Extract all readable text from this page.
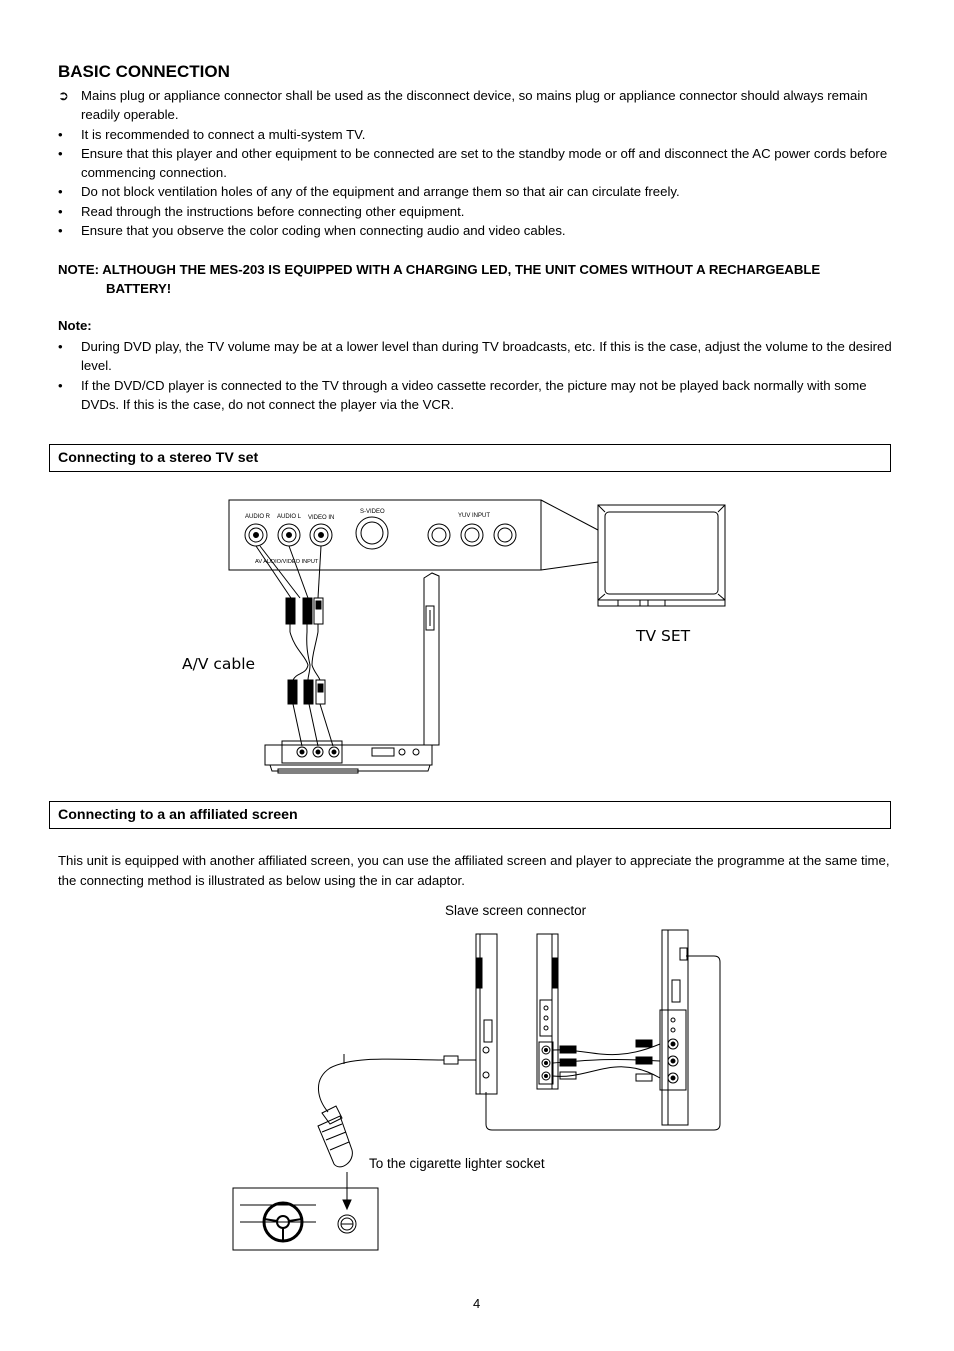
BASIC CONNECTION
➲ Mains plug or appliance connector shall be used as the disconnect device, so mains plug or appliance connector should always remain readily operable.
•	It is recommended to connect a multi-system TV.
•	Ensure that this player and other equipment to be connected are set to the standby mode or off and disconnect the AC power cords before commencing connection.
•	Do not block ventilation holes of any of the equipment and arrange them so that air can circulate freely.
•	Read through the instructions before connecting other equipment.
•	Ensure that you observe the color coding when connecting audio and video cables.
NOTE: ALTHOUGH THE MES-203 IS EQUIPPED WITH A CHARGING LED, THE UNIT COMES WITHOUT A RECHARGEABLE
BATTERY!
Note:
•	During DVD play, the TV volume may be at a lower level than during TV broadcasts, etc. If this is the case, adjust the volume to the desired level.
•	If the DVD/CD player is connected to the TV through a video cassette recorder, the picture may not be played back normally with some DVDs. If this is the case, do not connect the player via the VCR.
Connecting to a stereo TV set
AUDIO R AUDIO L VIDEO IN
S-VIDEO
YUV INPUT
AV AUDIO/VIDEO INPUT
TV SET
A/V cable
Connecting to a an affiliated screen
This unit is equipped with another affiliated screen, you can use the affiliated screen and player to appreciate the programme at the same time, the connecting method is illustrated as below using the in car adaptor.
Slave screen connector
To the cigarette lighter socket
4
